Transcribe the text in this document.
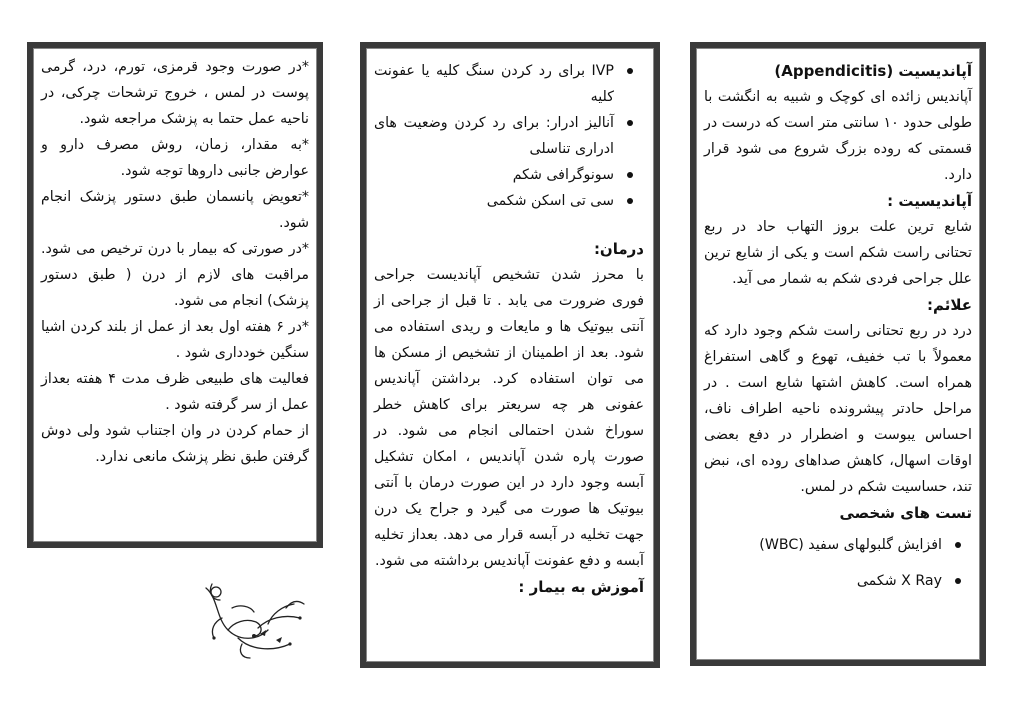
آپاندیسیت (Appendicitis)

آپاندیس زائده ای کوچک و شبیه به انگشت با طولی حدود ۱۰ سانتی متر است که درست در قسمتی که روده بزرگ شروع می شود قرار دارد.

آپاندیسیت :

شایع ترین علت بروز التهاب حاد در ربع تحتانی راست شکم است و یکی از شایع ترین علل جراحی فردی شکم به شمار می آید.

علائم:

درد در ربع تحتانی راست شکم وجود دارد که معمولاً با تب خفیف، تهوع و گاهی استفراغ همراه است. کاهش اشتها شایع است . در مراحل حادتر پیشرونده ناحیه اطراف ناف، احساس یبوست و اضطرار در دفع بعضی اوقات اسهال، کاهش صداهای روده ای، نبض تند، حساسیت شکم در لمس.

تست های شخصی
افزایش گلبولهای سفید (WBC)
X Ray شکمی
IVP برای رد کردن سنگ کلیه یا عفونت کلیه
آنالیز ادرار: برای رد کردن وضعیت های ادراری تناسلی
سونوگرافی شکم
سی تی اسکن شکمی
درمان:

با محرز شدن تشخیص آپاندیست جراحی فوری ضرورت می یابد . تا قبل از جراحی از آنتی بیوتیک ها و مایعات و ریدی استفاده می شود. بعد از اطمینان از تشخیص از مسکن ها می توان استفاده کرد. برداشتن آپاندیس عفونی هر چه سریعتر برای کاهش خطر سوراخ شدن احتمالی انجام می شود. در صورت پاره شدن آپاندیس ، امکان تشکیل آبسه وجود دارد در این صورت درمان با آنتی بیوتیک ها صورت می گیرد و جراح یک درن جهت تخلیه در آبسه قرار می دهد. بعداز تخلیه آبسه و دفع عفونت آپاندیس برداشته می شود.

آموزش به بیمار :

*در صورت وجود قرمزی، تورم، درد، گرمی پوست در لمس ، خروج ترشحات چرکی، در ناحیه عمل حتما به پزشک مراجعه شود.

*به مقدار، زمان، روش مصرف دارو و عوارض جانبی داروها توجه شود.

*تعویض پانسمان طبق دستور پزشک انجام شود.

*در صورتی که بیمار با درن ترخیص می شود. مراقبت های لازم از درن ( طبق دستور پزشک) انجام می شود.

*در ۶ هفته اول بعد از عمل از بلند کردن اشیا سنگین خودداری شود .

فعالیت های طبیعی ظرف مدت ۴ هفته بعداز عمل از سر گرفته شود .

از حمام کردن در وان اجتناب شود ولی دوش گرفتن طبق نظر پزشک مانعی ندارد.
